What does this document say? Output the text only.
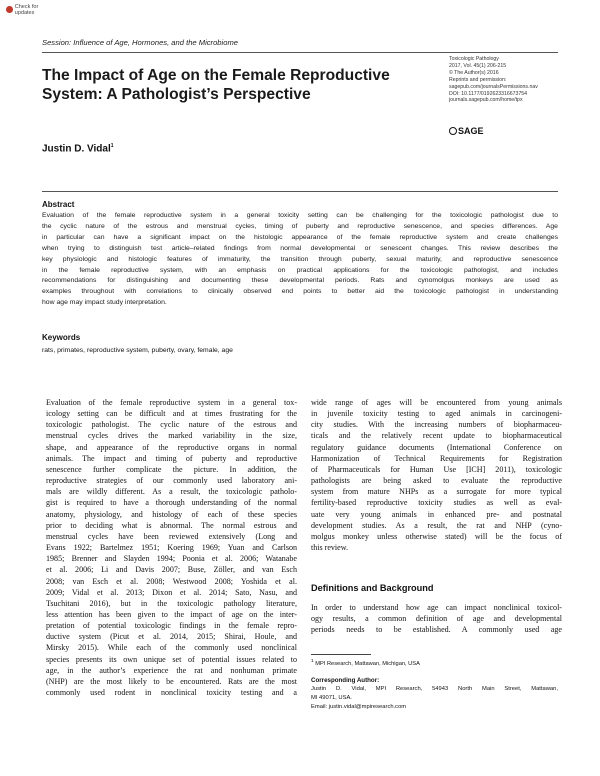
Check for updates
Session: Influence of Age, Hormones, and the Microbiome
The Impact of Age on the Female Reproductive
System: A Pathologist’s Perspective
Toxicologic Pathology
2017, Vol. 45(1) 206-215
© The Author(s) 2016
Reprints and permission:
sagepub.com/journalsPermissions.nav
DOI: 10.1177/0192623316673754
journals.sagepub.com/home/tpx
SAGE
Justin D. Vidal$^1$
Abstract
Evaluation of the female reproductive system in a general toxicity setting can be challenging for the toxicologic pathologist due to
the cyclic nature of the estrous and menstrual cycles, timing of puberty and reproductive senescence, and species differences. Age
in particular can have a significant impact on the histologic appearance of the female reproductive system and create challenges
when trying to distinguish test article–related findings from normal developmental or senescent changes. This review describes the
key physiologic and histologic features of immaturity, the transition through puberty, sexual maturity, and reproductive senescence
in the female reproductive system, with an emphasis on practical applications for the toxicologic pathologist, and includes
recommendations for distinguishing and documenting these developmental periods. Rats and cynomolgus monkeys are used as
examples throughout with correlations to clinically observed end points to better aid the toxicologic pathologist in understanding
how age may impact study interpretation.
Keywords
rats, primates, reproductive system, puberty, ovary, female, age
Evaluation of the female reproductive system in a general tox-
icology setting can be difficult and at times frustrating for the
toxicologic pathologist. The cyclic nature of the estrous and
menstrual cycles drives the marked variability in the size,
shape, and appearance of the reproductive organs in normal
animals. The impact and timing of puberty and reproductive
senescence further complicate the picture. In addition, the
reproductive strategies of our commonly used laboratory ani-
mals are wildly different. As a result, the toxicologic patholo-
gist is required to have a thorough understanding of the normal
anatomy, physiology, and histology of each of these species
prior to deciding what is abnormal. The normal estrous and
menstrual cycles have been reviewed extensively (Long and
Evans 1922; Bartelmez 1951; Koering 1969; Yuan and Carlson
1985; Brenner and Slayden 1994; Poonia et al. 2006; Watanabe
et al. 2006; Li and Davis 2007; Buse, Zöller, and van Esch
2008; van Esch et al. 2008; Westwood 2008; Yoshida et al.
2009; Vidal et al. 2013; Dixon et al. 2014; Sato, Nasu, and
Tsuchitani 2016), but in the toxicologic pathology literature,
less attention has been given to the impact of age on the inter-
pretation of potential toxicologic findings in the female repro-
ductive system (Picut et al. 2014, 2015; Shirai, Houle, and
Mirsky 2015). While each of the commonly used nonclinical
species presents its own unique set of potential issues related to
age, in the author’s experience the rat and nonhuman primate
(NHP) are the most likely to be encountered. Rats are the most
commonly used rodent in nonclinical toxicity testing and a
wide range of ages will be encountered from young animals
in juvenile toxicity testing to aged animals in carcinogeni-
city studies. With the increasing numbers of biopharmaceu-
ticals and the relatively recent update to biopharmaceutical
regulatory guidance documents (International Conference on
Harmonization of Technical Requirements for Registration
of Pharmaceuticals for Human Use [ICH] 2011), toxicologic
pathologists are being asked to evaluate the reproductive
system from mature NHPs as a surrogate for more typical
fertility-based reproductive toxicity studies as well as eval-
uate very young animals in enhanced pre- and postnatal
development studies. As a result, the rat and NHP (cyno-
molgus monkey unless otherwise stated) will be the focus of
this review.
Definitions and Background
In order to understand how age can impact nonclinical toxicol-
ogy results, a common definition of age and developmental
periods needs to be established. A commonly used age
$^1$ MPI Research, Mattawan, Michigan, USA
Corresponding Author:
Justin D. Vidal, MPI Research, 54943 North Main Street, Mattawan,
MI 49071, USA.
Email: justin.vidal@mpiresearch.com
